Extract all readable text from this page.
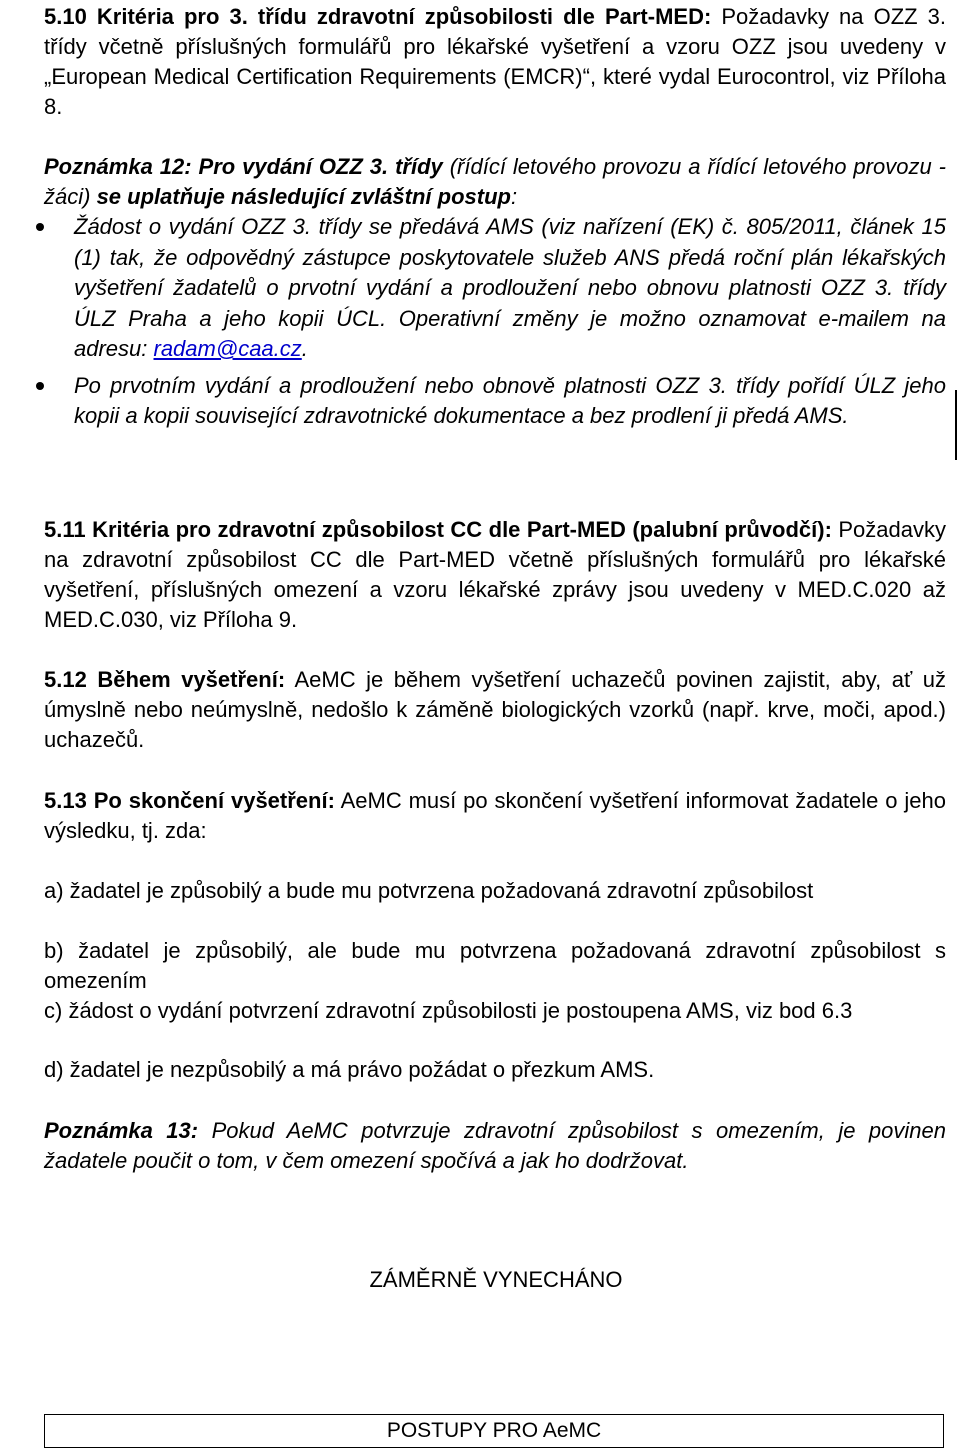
5.10 Kritéria pro 3. třídu zdravotní způsobilosti dle Part-MED: Požadavky na OZZ 3. třídy včetně příslušných formulářů pro lékařské vyšetření a vzoru OZZ jsou uvedeny v „European Medical Certification Requirements (EMCR)“, které vydal Eurocontrol, viz Příloha 8.

Poznámka 12: Pro vydání OZZ 3. třídy (řídící letového provozu a řídící letového provozu - žáci) se uplatňuje následující zvláštní postup:

Žádost o vydání OZZ 3. třídy se předává AMS (viz nařízení (EK) č. 805/2011, článek 15 (1) tak, že odpovědný zástupce poskytovatele služeb ANS předá roční plán lékařských vyšetření žadatelů o prvotní vydání a prodloužení nebo obnovu platnosti OZZ 3. třídy ÚLZ Praha a jeho kopii ÚCL. Operativní změny je možno oznamovat e-mailem na adresu: radam@caa.cz.
Po prvotním vydání a prodloužení nebo obnově platnosti OZZ 3. třídy pořídí ÚLZ jeho kopii a kopii související zdravotnické dokumentace a bez prodlení ji předá AMS.

5.11 Kritéria pro zdravotní způsobilost CC dle Part-MED (palubní průvodčí): Požadavky na zdravotní způsobilost CC dle Part-MED včetně příslušných formulářů pro lékařské vyšetření, příslušných omezení a vzoru lékařské zprávy jsou uvedeny v MED.C.020 až MED.C.030, viz Příloha 9.

5.12 Během vyšetření: AeMC je během vyšetření uchazečů povinen zajistit, aby, ať už úmyslně nebo neúmyslně, nedošlo k záměně biologických vzorků (např. krve, moči, apod.) uchazečů.

5.13 Po skončení vyšetření: AeMC musí po skončení vyšetření informovat žadatele o jeho výsledku, tj. zda:

a) žadatel je způsobilý a bude mu potvrzena požadovaná zdravotní způsobilost

b) žadatel je způsobilý, ale bude mu potvrzena požadovaná zdravotní způsobilost s omezením

c) žádost o vydání potvrzení zdravotní způsobilosti je postoupena AMS, viz bod 6.3

d) žadatel je nezpůsobilý a má právo požádat o přezkum AMS.

Poznámka 13: Pokud AeMC potvrzuje zdravotní způsobilost s omezením, je povinen žadatele poučit o tom, v čem omezení spočívá a jak ho dodržovat.

ZÁMĚRNĚ VYNECHÁNO
POSTUPY PRO AeMC
